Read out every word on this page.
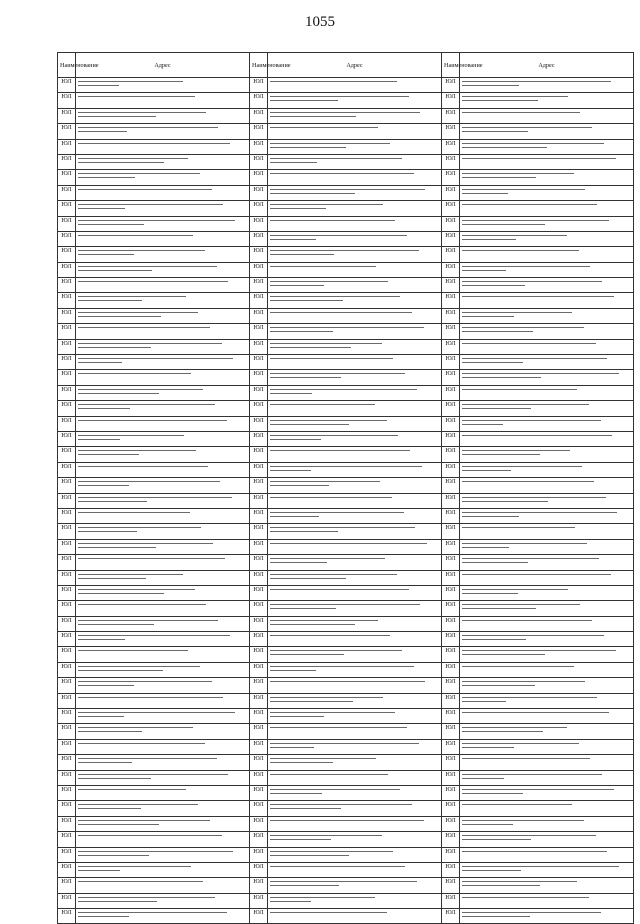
1055
Наименование	Адрес	Наименование	Адрес	Наименование	Адрес
ЮЛ		ЮЛ		ЮЛ	

ЮЛ		ЮЛ		ЮЛ	

ЮЛ		ЮЛ		ЮЛ	

ЮЛ		ЮЛ		ЮЛ	

ЮЛ		ЮЛ		ЮЛ	

ЮЛ		ЮЛ		ЮЛ	

ЮЛ		ЮЛ		ЮЛ	

ЮЛ		ЮЛ		ЮЛ	

ЮЛ		ЮЛ		ЮЛ	

ЮЛ		ЮЛ		ЮЛ	

ЮЛ		ЮЛ		ЮЛ	

ЮЛ		ЮЛ		ЮЛ	

ЮЛ		ЮЛ		ЮЛ	

ЮЛ		ЮЛ		ЮЛ	

ЮЛ		ЮЛ		ЮЛ	

ЮЛ		ЮЛ		ЮЛ	

ЮЛ		ЮЛ		ЮЛ	

ЮЛ		ЮЛ		ЮЛ	

ЮЛ		ЮЛ		ЮЛ	

ЮЛ		ЮЛ		ЮЛ	

ЮЛ		ЮЛ		ЮЛ	

ЮЛ		ЮЛ		ЮЛ	

ЮЛ		ЮЛ		ЮЛ	

ЮЛ		ЮЛ		ЮЛ	

ЮЛ		ЮЛ		ЮЛ	

ЮЛ		ЮЛ		ЮЛ	

ЮЛ		ЮЛ		ЮЛ	

ЮЛ		ЮЛ		ЮЛ	

ЮЛ		ЮЛ		ЮЛ	

ЮЛ		ЮЛ		ЮЛ	

ЮЛ		ЮЛ		ЮЛ	

ЮЛ		ЮЛ		ЮЛ	

ЮЛ		ЮЛ		ЮЛ	

ЮЛ		ЮЛ		ЮЛ	

ЮЛ		ЮЛ		ЮЛ	

ЮЛ		ЮЛ		ЮЛ	

ЮЛ		ЮЛ		ЮЛ	

ЮЛ		ЮЛ		ЮЛ	

ЮЛ		ЮЛ		ЮЛ	

ЮЛ		ЮЛ		ЮЛ	

ЮЛ		ЮЛ		ЮЛ	

ЮЛ		ЮЛ		ЮЛ	

ЮЛ		ЮЛ		ЮЛ	

ЮЛ		ЮЛ		ЮЛ	

ЮЛ		ЮЛ		ЮЛ	

ЮЛ		ЮЛ		ЮЛ	

ЮЛ		ЮЛ		ЮЛ	

ЮЛ		ЮЛ		ЮЛ	

ЮЛ		ЮЛ		ЮЛ	

ЮЛ		ЮЛ		ЮЛ	

ЮЛ		ЮЛ		ЮЛ	

ЮЛ		ЮЛ		ЮЛ	

ЮЛ		ЮЛ		ЮЛ	

ЮЛ		ЮЛ		ЮЛ	

ЮЛ		ЮЛ		ЮЛ	
